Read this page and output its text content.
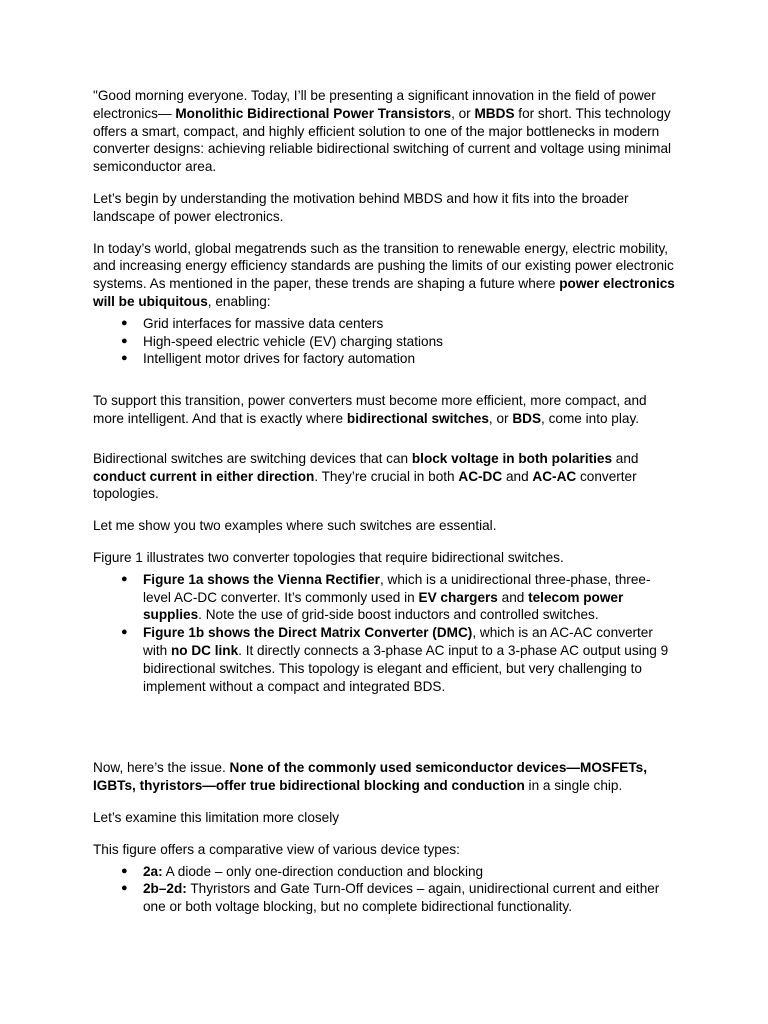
"Good morning everyone. Today, I’ll be presenting a significant innovation in the field of power electronics— Monolithic Bidirectional Power Transistors, or MBDS for short. This technology offers a smart, compact, and highly efficient solution to one of the major bottlenecks in modern converter designs: achieving reliable bidirectional switching of current and voltage using minimal semiconductor area.

Let’s begin by understanding the motivation behind MBDS and how it fits into the broader landscape of power electronics.

In today’s world, global megatrends such as the transition to renewable energy, electric mobility, and increasing energy efficiency standards are pushing the limits of our existing power electronic systems. As mentioned in the paper, these trends are shaping a future where power electronics will be ubiquitous, enabling:

● Grid interfaces for massive data centers
● High-speed electric vehicle (EV) charging stations
● Intelligent motor drives for factory automation

To support this transition, power converters must become more efficient, more compact, and more intelligent. And that is exactly where bidirectional switches, or BDS, come into play.

Bidirectional switches are switching devices that can block voltage in both polarities and conduct current in either direction. They’re crucial in both AC-DC and AC-AC converter topologies.

Let me show you two examples where such switches are essential.

Figure 1 illustrates two converter topologies that require bidirectional switches.

● Figure 1a shows the Vienna Rectifier, which is a unidirectional three-phase, three-level AC-DC converter. It’s commonly used in EV chargers and telecom power supplies. Note the use of grid-side boost inductors and controlled switches.
● Figure 1b shows the Direct Matrix Converter (DMC), which is an AC-AC converter with no DC link. It directly connects a 3-phase AC input to a 3-phase AC output using 9 bidirectional switches. This topology is elegant and efficient, but very challenging to implement without a compact and integrated BDS.

Now, here’s the issue. None of the commonly used semiconductor devices—MOSFETs, IGBTs, thyristors—offer true bidirectional blocking and conduction in a single chip.

Let’s examine this limitation more closely

This figure offers a comparative view of various device types:

● 2a: A diode – only one-direction conduction and blocking
● 2b–2d: Thyristors and Gate Turn-Off devices – again, unidirectional current and either one or both voltage blocking, but no complete bidirectional functionality.
